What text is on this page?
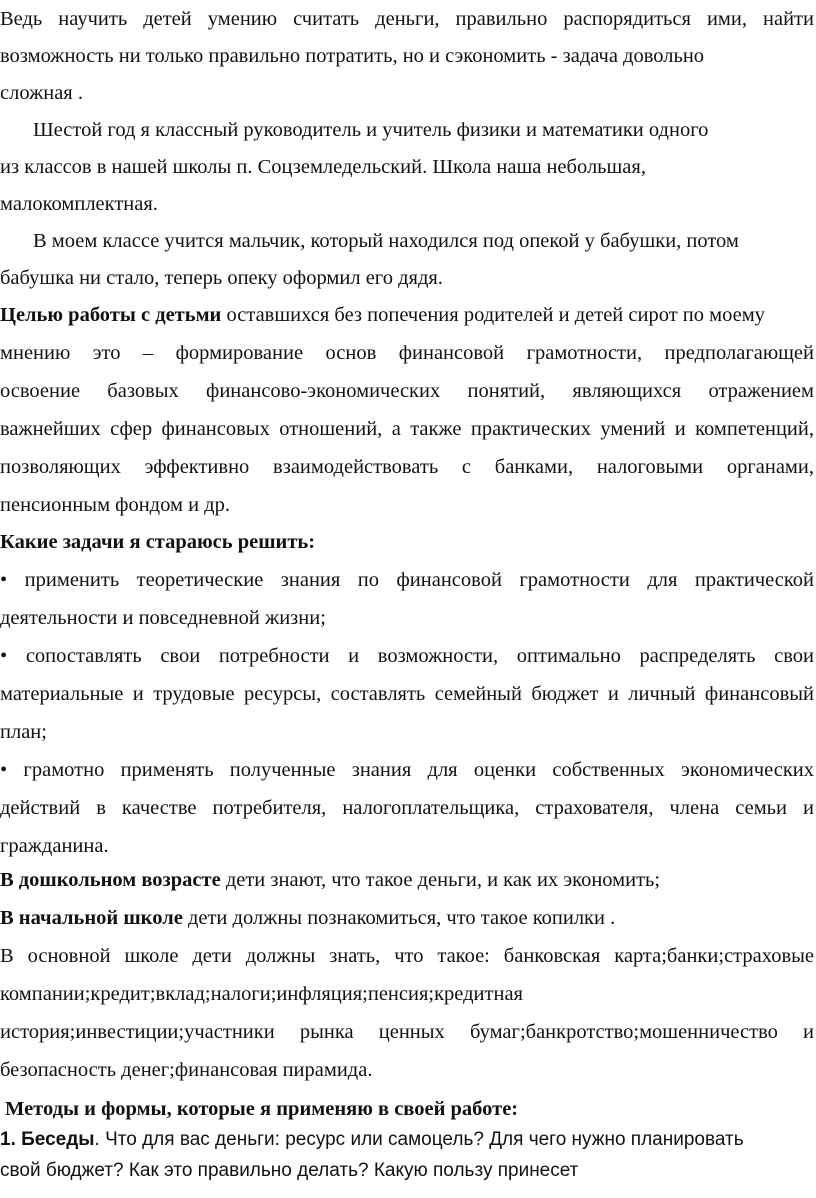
Ведь научить детей умению считать деньги, правильно распорядиться ими, найти
возможность ни только правильно потратить, но и сэкономить - задача довольно
сложная .
Шестой год я классный руководитель и учитель физики и математики одного
из классов в нашей школы п. Соцземледельский. Школа наша небольшая,
малокомплектная.
В моем классе учится мальчик, который находился под опекой у бабушки, потом
бабушка ни стало, теперь опеку оформил его дядя.
Целью работы с детьми оставшихся без попечения родителей и детей сирот по моему
мнению это – формирование основ финансовой грамотности, предполагающей
освоение базовых финансово-экономических понятий, являющихся отражением
важнейших сфер финансовых отношений, а также практических умений и компетенций,
позволяющих эффективно взаимодействовать с банками, налоговыми органами,
пенсионным фондом и др.
Какие задачи я стараюсь решить:
• применить теоретические знания по финансовой грамотности для практической
деятельности и повседневной жизни;
• сопоставлять свои потребности и возможности, оптимально распределять свои
материальные и трудовые ресурсы, составлять семейный бюджет и личный финансовый
план;
• грамотно применять полученные знания для оценки собственных экономических
действий в качестве потребителя, налогоплательщика, страхователя, члена семьи и
гражданина.
В дошкольном возрасте дети знают, что такое деньги, и как их экономить;
В начальной школе дети должны познакомиться, что такое копилки .
В основной школе дети должны знать, что такое: банковская карта;банки;страховые
компании;кредит;вклад;налоги;инфляция;пенсия;кредитная
история;инвестиции;участники рынка ценных бумаг;банкротство;мошенничество и
безопасность денег;финансовая пирамида.
Методы и формы, которые я применяю в своей работе:
1. Беседы. Что для вас деньги: ресурс или самоцель? Для чего нужно планировать
свой бюджет? Как это правильно делать? Какую пользу принесет
